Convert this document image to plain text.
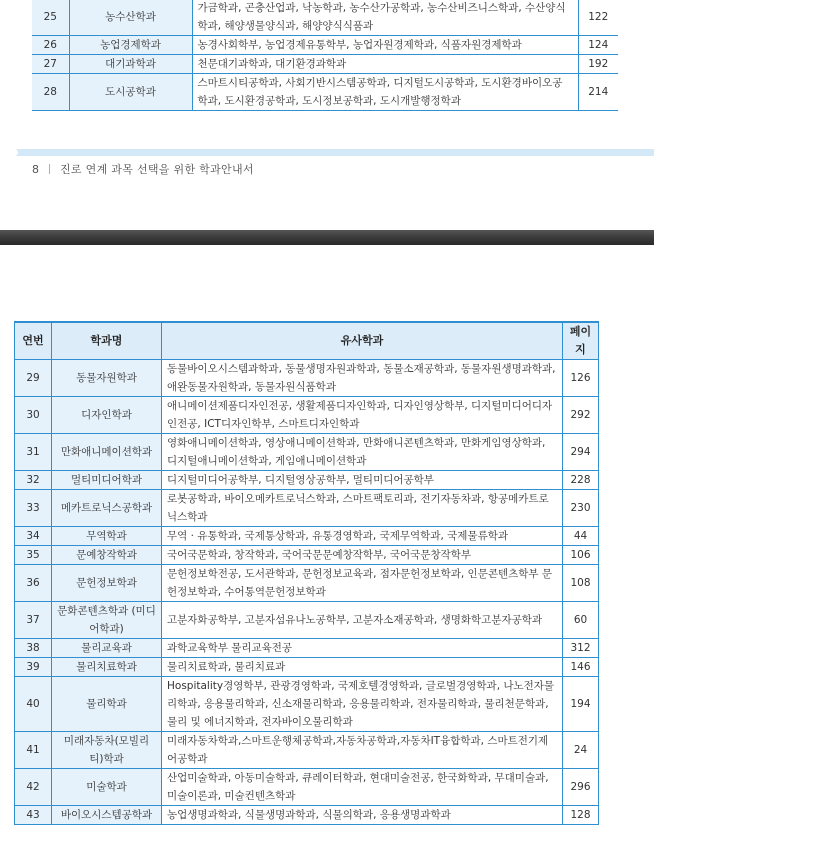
25	농수산학과	가금학과, 곤충산업과, 낙농학과, 농수산가공학과, 농수산비즈니스학과, 수산양식학과, 해양생물양식과, 해양양식식품과	122
26	농업경제학과	농경사회학부, 농업경제유통학부, 농업자원경제학과, 식품자원경제학과	124
27	대기과학과	천문대기과학과, 대기환경과학과	192
28	도시공학과	스마트시티공학과, 사회기반시스템공학과, 디지털도시공학과, 도시환경바이오공학과, 도시환경공학과, 도시정보공학과, 도시개발행정학과	214
8 진로 연계 과목 선택을 위한 학과안내서
연번	학과명	유사학과	페이지
29	동물자원학과	동물바이오시스템과학과, 동물생명자원과학과, 동물소재공학과, 동물자원생명과학과, 애완동물자원학과, 동물자원식품학과	126
30	디자인학과	애니메이션제품디자인전공, 생활제품디자인학과, 디자인영상학부, 디지털미디어디자인전공, ICT디자인학부, 스마트디자인학과	292
31	만화애니메이션학과	영화애니메이션학과, 영상애니메이션학과, 만화애니콘텐츠학과, 만화게임영상학과, 디지털애니메이션학과, 게임애니메이션학과	294
32	멀티미디어학과	디지털미디어공학부, 디지털영상공학부, 멀티미디어공학부	228
33	메카트로닉스공학과	로봇공학과, 바이오메카트로닉스학과, 스마트팩토리과, 전기자동차과, 항공메카트로닉스학과	230
34	무역학과	무역 · 유통학과, 국제통상학과, 유통경영학과, 국제무역학과, 국제물류학과	44
35	문예창작학과	국어국문학과, 창작학과, 국어국문문예창작학부, 국어국문창작학부	106
36	문헌정보학과	문헌정보학전공, 도서관학과, 문헌정보교육과, 점자문헌정보학과, 인문콘텐츠학부 문헌정보학과, 수어통역문헌정보학과	108
37	문화콘텐츠학과 (미디어학과)	고분자화공학부, 고분자섬유나노공학부, 고분자소재공학과, 생명화학고분자공학과	60
38	물리교육과	과학교육학부 물리교육전공	312
39	물리치료학과	물리치료학과, 물리치료과	146
40	물리학과	Hospitality경영학부, 관광경영학과, 국제호텔경영학과, 글로벌경영학과, 나노전자물리학과, 응용물리학과, 신소재물리학과, 응용물리학과, 전자물리학과, 물리천문학과, 물리 및 에너지학과, 전자바이오물리학과	194
41	미래자동차(모빌리티)학과	미래자동차학과,스마트운행체공학과,자동차공학과,자동차IT융합학과, 스마트전기제어공학과	24
42	미술학과	산업미술학과, 아동미술학과, 큐레이터학과, 현대미술전공, 한국화학과, 무대미술과, 미술이론과, 미술컨텐츠학과	296
43	바이오시스템공학과	농업생명과학과, 식물생명과학과, 식물의학과, 응용생명과학과	128
